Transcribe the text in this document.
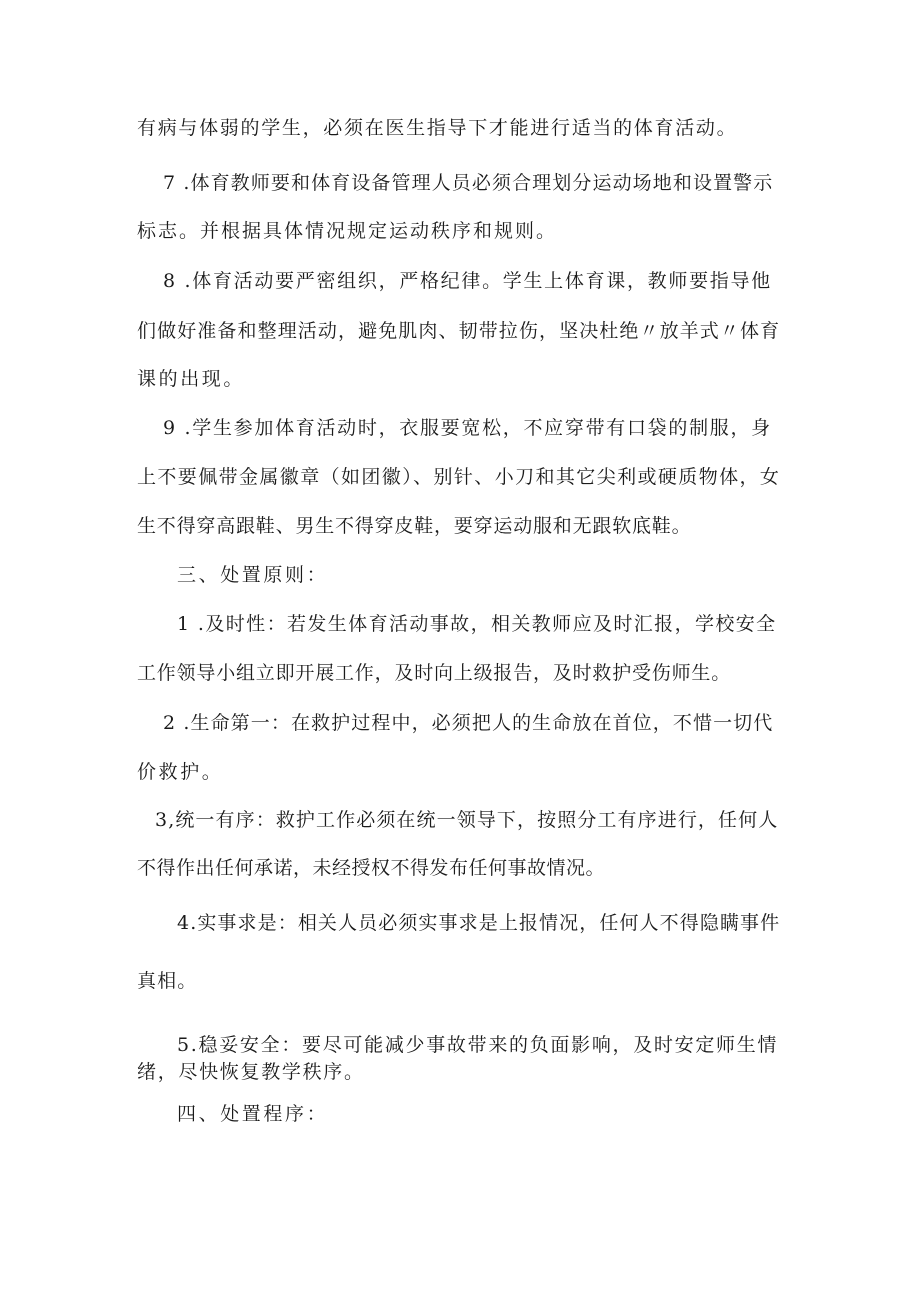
有病与体弱的学生，必须在医生指导下才能进行适当的体育活动。
7 .体育教师要和体育设备管理人员必须合理划分运动场地和设置警示
标志。并根据具体情况规定运动秩序和规则。
8 .体育活动要严密组织，严格纪律。学生上体育课，教师要指导他
们做好准备和整理活动，避免肌肉、韧带拉伤，坚决杜绝〃放羊式〃体育
课的出现。
9 .学生参加体育活动时，衣服要宽松，不应穿带有口袋的制服，身
上不要佩带金属徽章（如团徽）、别针、小刀和其它尖利或硬质物体，女
生不得穿高跟鞋、男生不得穿皮鞋，要穿运动服和无跟软底鞋。
三、处置原则：
1 .及时性：若发生体育活动事故，相关教师应及时汇报，学校安全
工作领导小组立即开展工作，及时向上级报告，及时救护受伤师生。
2 .生命第一：在救护过程中，必须把人的生命放在首位，不惜一切代
价救护。
3,统一有序：救护工作必须在统一领导下，按照分工有序进行，任何人
不得作出任何承诺，未经授权不得发布任何事故情况。
4.实事求是：相关人员必须实事求是上报情况，任何人不得隐瞒事件
真相。
5.稳妥安全：要尽可能减少事故带来的负面影响，及时安定师生情
绪，尽快恢复教学秩序。
四、处置程序：
